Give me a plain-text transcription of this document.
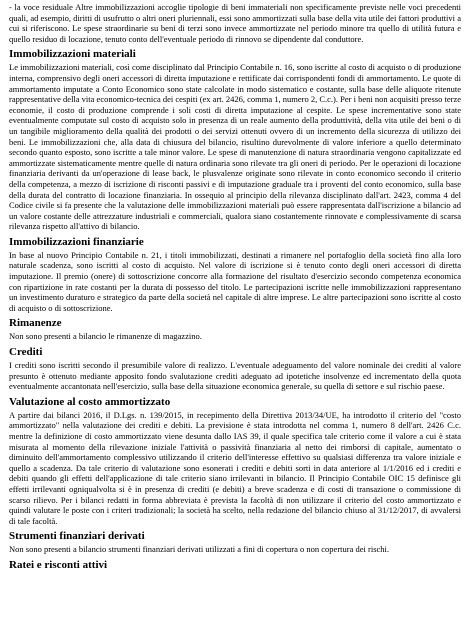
- la voce residuale Altre immobilizzazioni accoglie tipologie di beni immateriali non specificamente previste nelle voci precedenti quali, ad esempio, diritti di usufrutto o altri oneri pluriennali, essi sono ammortizzati sulla base della vita utile dei fattori produttivi a cui si riferiscono. Le spese straordinarie su beni di terzi sono invece ammortizzate nel periodo minore tra quello di utilità futura e quello residuo di locazione, tenuto conto dell'eventuale periodo di rinnovo se dipendente dal conduttore.

Immobilizzazioni materiali

Le immobilizzazioni materiali, così come disciplinato dal Principio Contabile n. 16, sono iscritte al costo di acquisto o di produzione interna, comprensivo degli oneri accessori di diretta imputazione e rettificate dai corrispondenti fondi di ammortamento. Le quote di ammortamento imputate a Conto Economico sono state calcolate in modo sistematico e costante, sulla base delle aliquote ritenute rappresentative della vita economico-tecnica dei cespiti (ex art. 2426, comma 1, numero 2, C.c.). Per i beni non acquisiti presso terze economie, il costo di produzione comprende i soli costi di diretta imputazione al cespite. Le spese incrementative sono state eventualmente computate sul costo di acquisto solo in presenza di un reale aumento della produttività, della vita utile dei beni o di un tangibile miglioramento della qualità dei prodotti o dei servizi ottenuti ovvero di un incremento della sicurezza di utilizzo dei beni. Le immobilizzazioni che, alla data di chiusura del bilancio, risultino durevolmente di valore inferiore a quello determinato secondo quanto esposto, sono iscritte a tale minor valore. Le spese di manutenzione di natura straordinaria vengono capitalizzate ed ammortizzate sistematicamente mentre quelle di natura ordinaria sono rilevate tra gli oneri di periodo. Per le operazioni di locazione finanziaria derivanti da un'operazione di lease back, le plusvalenze originate sono rilevate in conto economico secondo il criterio della competenza, a mezzo di iscrizione di risconti passivi e di imputazione graduale tra i proventi del conto economico, sulla base della durata del contratto di locazione finanziaria. In ossequio al principio della rilevanza disciplinato dall'art. 2423, comma 4 del Codice civile si fa presente che la valutazione delle immobilizzazioni materiali può essere rappresentata dall'iscrizione a bilancio ad un valore costante delle attrezzature industriali e commerciali, qualora siano costantemente rinnovate e complessivamente di scarsa rilevanza rispetto all'attivo di bilancio.

Immobilizzazioni finanziarie

In base al nuovo Principio Contabile n. 21, i titoli immobilizzati, destinati a rimanere nel portafoglio della società fino alla loro naturale scadenza, sono iscritti al costo di acquisto. Nel valore di iscrizione si è tenuto conto degli oneri accessori di diretta imputazione. Il premio (onere) di sottoscrizione concorre alla formazione del risultato d'esercizio secondo competenza economica con ripartizione in rate costanti per la durata di possesso del titolo. Le partecipazioni iscritte nelle immobilizzazioni rappresentano un investimento duraturo e strategico da parte della società nel capitale di altre imprese. Le altre partecipazioni sono iscritte al costo di acquisto o di sottoscrizione.

Rimanenze

Non sono presenti a bilancio le rimanenze di magazzino.

Crediti

I crediti sono iscritti secondo il presumibile valore di realizzo. L'eventuale adeguamento del valore nominale dei crediti al valore presunto è ottenuto mediante apposito fondo svalutazione crediti adeguato ad ipotetiche insolvenze ed incrementato della quota eventualmente accantonata nell'esercizio, sulla base della situazione economica generale, su quella di settore e sul rischio paese.

Valutazione al costo ammortizzato

A partire dai bilanci 2016, il D.Lgs. n. 139/2015, in recepimento della Direttiva 2013/34/UE, ha introdotto il criterio del "costo ammortizzato" nella valutazione dei crediti e debiti. La previsione è stata introdotta nel comma 1, numero 8 dell'art. 2426 C.c. mentre la definizione di costo ammortizzato viene desunta dallo IAS 39, il quale specifica tale criterio come il valore a cui è stata misurata al momento della rilevazione iniziale l'attività o passività finanziaria al netto dei rimborsi di capitale, aumentato o diminuito dell'ammortamento complessivo utilizzando il criterio dell'interesse effettivo su qualsiasi differenza tra valore iniziale e quello a scadenza. Da tale criterio di valutazione sono esonerati i crediti e debiti sorti in data anteriore al 1/1/2016 ed i crediti e debiti quando gli effetti dell'applicazione di tale criterio siano irrilevanti in bilancio. Il Principio Contabile OIC 15 definisce gli effetti irrilevanti ogniqualvolta si è in presenza di crediti (e debiti) a breve scadenza e di costi di transazione o commissione di scarso rilievo. Per i bilanci redatti in forma abbreviata è prevista la facoltà di non utilizzare il criterio del costo ammortizzato e quindi valutare le poste con i criteri tradizionali; la società ha scelto, nella redazione del bilancio chiuso al 31/12/2017, di avvalersi di tale facoltà.

Strumenti finanziari derivati

Non sono presenti a bilancio strumenti finanziari derivati utilizzati a fini di copertura o non copertura dei rischi.

Ratei e risconti attivi
